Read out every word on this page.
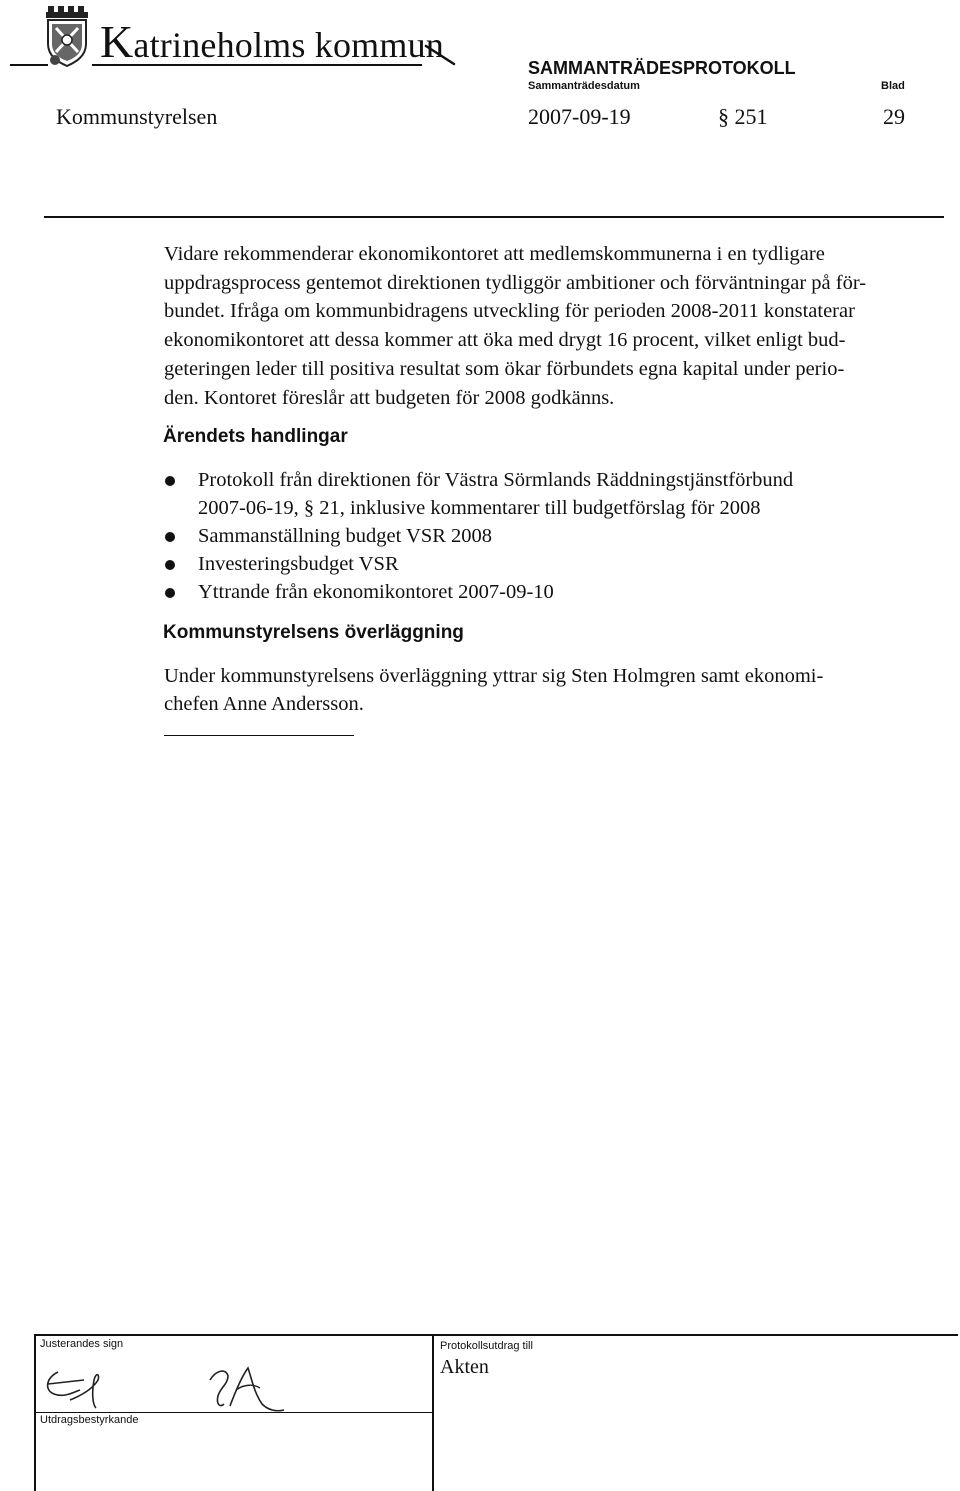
Katrineholms kommun
SAMMANTRÄDESPROTOKOLL
Sammanträdesdatum	Blad
Kommunstyrelsen	2007-09-19	§ 251	29

Vidare rekommenderar ekonomikontoret att medlemskommunerna i en tydligare
uppdragsprocess gentemot direktionen tydliggör ambitioner och förväntningar på för-
bundet. Ifråga om kommunbidragens utveckling för perioden 2008-2011 konstaterar
ekonomikontoret att dessa kommer att öka med drygt 16 procent, vilket enligt bud-
geteringen leder till positiva resultat som ökar förbundets egna kapital under perio-
den. Kontoret föreslår att budgeten för 2008 godkänns.

Ärendets handlingar
Protokoll från direktionen för Västra Sörmlands Räddningstjänstförbund
2007-06-19, § 21, inklusive kommentarer till budgetförslag för 2008
Sammanställning budget VSR 2008
Investeringsbudget VSR
Yttrande från ekonomikontoret 2007-09-10
Kommunstyrelsens överläggning

Under kommunstyrelsens överläggning yttrar sig Sten Holmgren samt ekonomi-
chefen Anne Andersson.

Justerandes sign
Utdragsbestyrkande
Protokollsutdrag till
Akten
